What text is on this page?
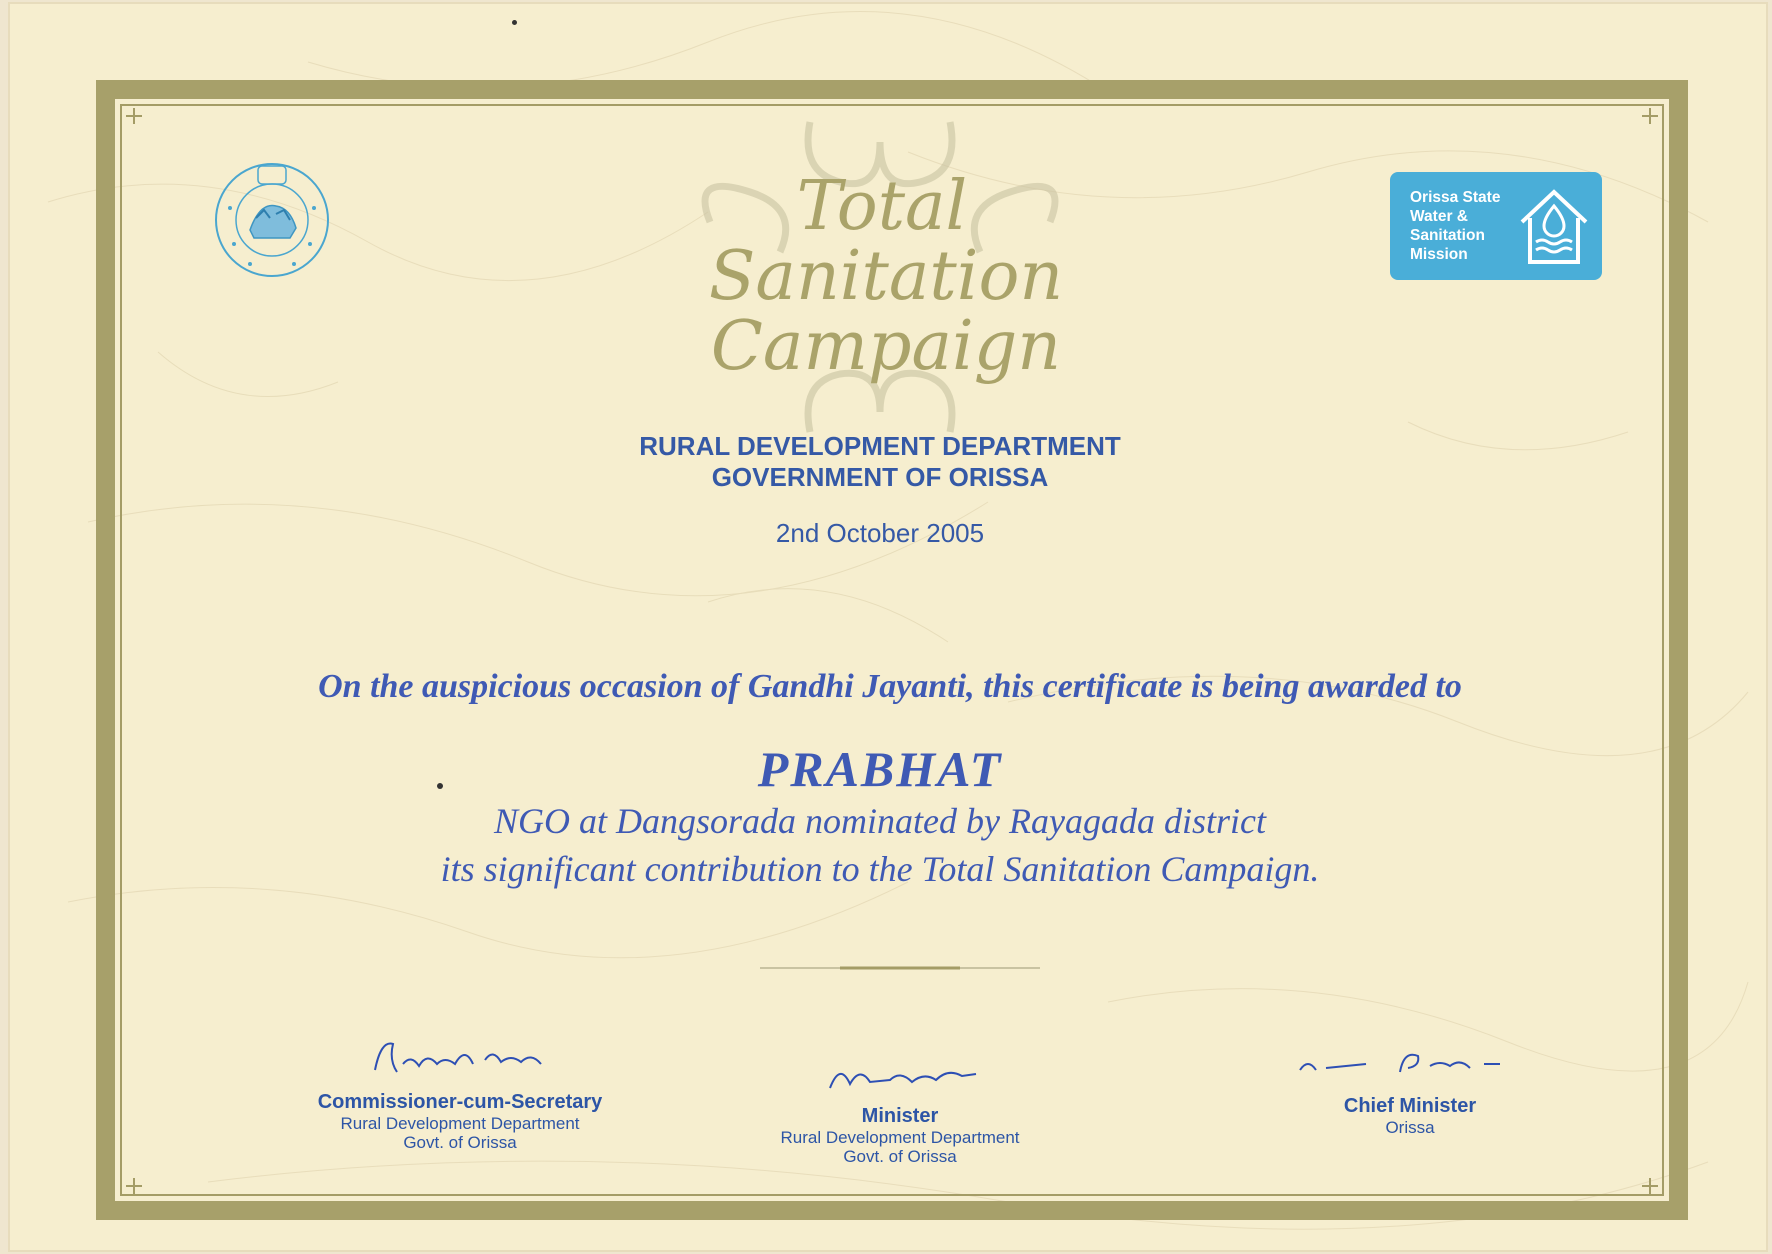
Orissa State
Water &
Sanitation
Mission
Total
Sanitation
Campaign
RURAL DEVELOPMENT DEPARTMENT
GOVERNMENT OF ORISSA
2nd October 2005
On the auspicious occasion of Gandhi Jayanti, this certificate is being awarded to
PRABHAT
NGO at Dangsorada nominated by Rayagada district
its significant contribution to the Total Sanitation Campaign.
Commissioner-cum-Secretary
Rural Development Department
Govt. of Orissa
Minister
Rural Development Department
Govt. of Orissa
Chief Minister
Orissa
